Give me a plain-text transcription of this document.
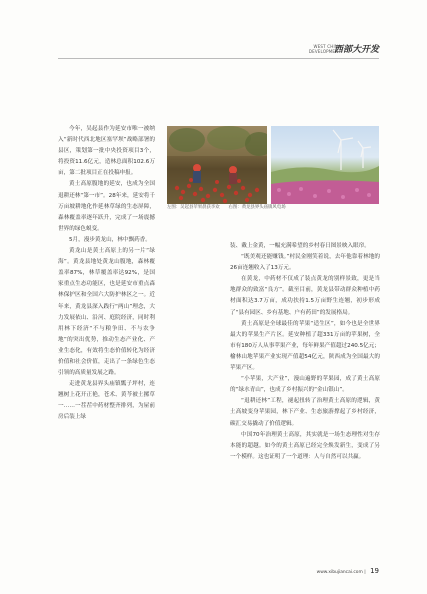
WEST CHINA
DEVELOPMENT
西部大开发

今年，吴起县作为延安市唯一被纳入“新时代西北地区塞罕坝”战略部署的县区，策划第一批中央投资项目3个，将投资11.6亿元，造林总面积102.6万亩，第二批项目正在投稿申报。

黄土高原腹地的延安，也成为全国退耕还林“第一市”。28年来，延安将千万亩坡耕地化作延林草绿的生态屏障，森林覆盖率逐年跃升，完成了一场震撼世界的绿色蜕变。

5月，漫步黄龙山，林中飘药香。

黄龙山是黄土高原上的另一片“绿海”。黄龙县地处黄龙山腹地，森林覆盖率87%，林草覆盖率达92%，是国家重点生态功能区，也是延安市重点森林保护区和全国六大防护林区之一。近年来，黄龙县深入践行“两山”理念，大力发展依山、沿河、庭院经济，同时利用林下经济“不与粮争田、不与农争地”的突出优势，推动生态产业化、产业生态化，有效将生态价值转化为经济价值和社会价值，走出了一条绿色生态引领的高质量发展之路。

走进黄龙县界头庙镇瓢子坪村，连翘树上花开正艳，苍术、黄芩被土摞草一……一茬茬中药材整齐排列，为屋前房后装上绿

左图：吴起县苹果晨获李欢 右图：黄龙县界头庙镇风电场

装、戴上金黄，一幅充满希望的乡村春日图景映入眼帘。

“既美观还能赚钱。”村民金刚笑着说，去年他靠着林地的26亩连翘收入了13万元。

在黄龙，中药材不仅成了装点黄龙的别样景致，更是当地群众的致富“良方”。截至目前，黄龙县带动群众种植中药材面积达3.7万亩，成功扶持1.5万亩野生连翘，初步形成了“县有园区、乡有基地、户有药田”的发展格局。

黄土高原是全球最佳的苹果“适生区”，如今也是全世界最大的苹果生产片区。延安种植了超331万亩的苹果树，全市有180万人从事苹果产业，每年鲜果产值超过240.5亿元；榆林山地苹果产业实现产值超54亿元，陕西成为全国最大的苹果产区。

“小苹果，大产业”，漫山遍野的苹果园，成了黄土高原的“绿水青山”，也成了乡村振兴的“金山银山”。

“退耕还林”工程，褪起扭转了治理黄土高原的逻辑，黄土高坡变身苹果园，林下产业、生态旅游撑起了乡村经济，碳汇交易撬动了价值逻辑。

中国70年治理黄土高原，其实就是一场生态理性对生存本能的超越。如今的黄土高原已经完全焕发新生，变成了另一个模样。这也证明了一个道理：人与自然可以共赢。

www.xibujiancai.com | 19
